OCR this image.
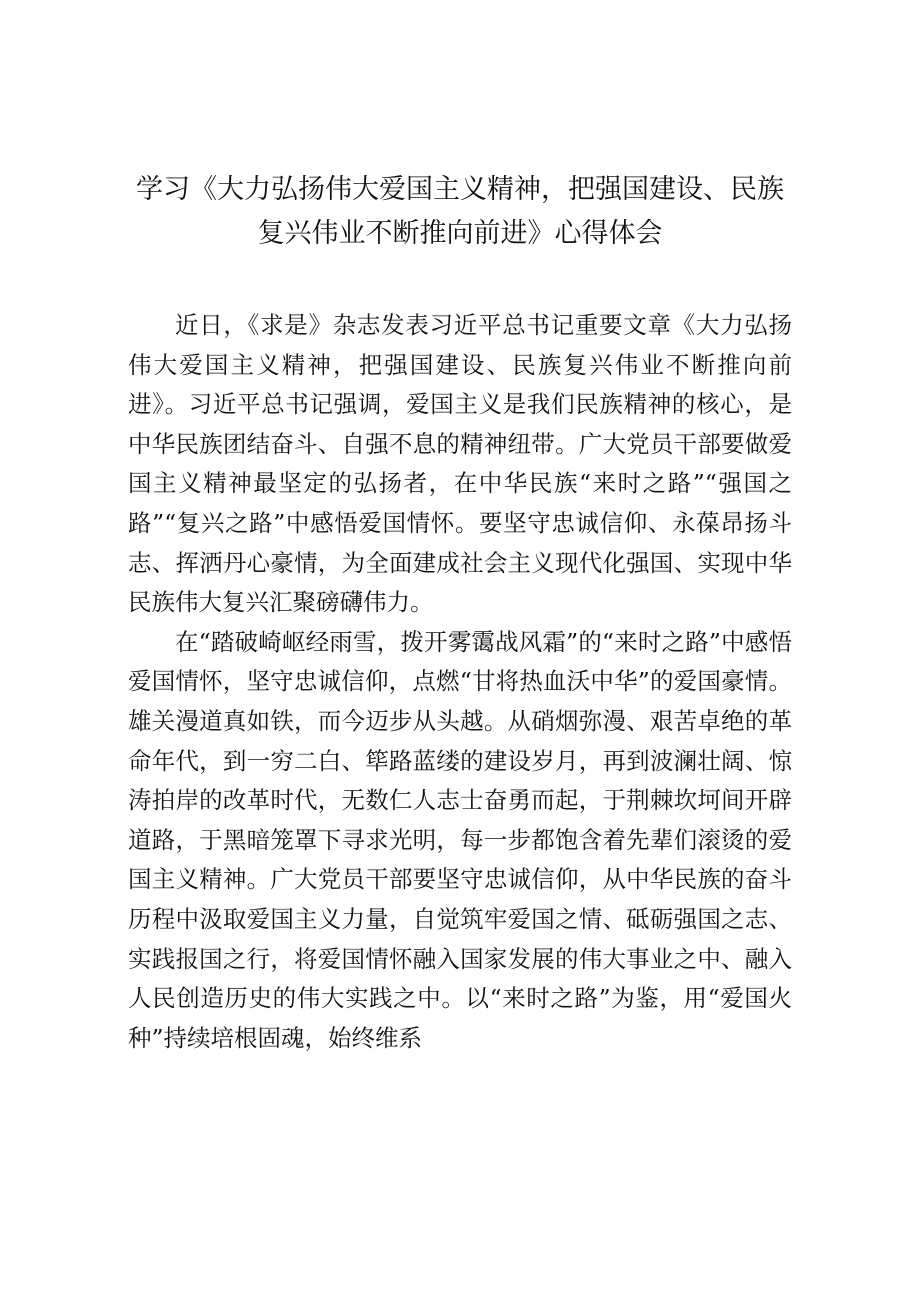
学习《大力弘扬伟大爱国主义精神，把强国建设、民族
复兴伟业不断推向前进》心得体会

近日，《求是》杂志发表习近平总书记重要文章《大力弘扬伟大爱国主义精神，把强国建设、民族复兴伟业不断推向前进》。习近平总书记强调，爱国主义是我们民族精神的核心，是中华民族团结奋斗、自强不息的精神纽带。广大党员干部要做爱国主义精神最坚定的弘扬者，在中华民族“来时之路”“强国之路”“复兴之路”中感悟爱国情怀。要坚守忠诚信仰、永葆昂扬斗志、挥洒丹心豪情，为全面建成社会主义现代化强国、实现中华民族伟大复兴汇聚磅礴伟力。

在“踏破崎岖经雨雪，拨开雾霭战风霜”的“来时之路”中感悟爱国情怀，坚守忠诚信仰，点燃“甘将热血沃中华”的爱国豪情。雄关漫道真如铁，而今迈步从头越。从硝烟弥漫、艰苦卓绝的革命年代，到一穷二白、筚路蓝缕的建设岁月，再到波澜壮阔、惊涛拍岸的改革时代，无数仁人志士奋勇而起，于荆棘坎坷间开辟道路，于黑暗笼罩下寻求光明，每一步都饱含着先辈们滚烫的爱国主义精神。广大党员干部要坚守忠诚信仰，从中华民族的奋斗历程中汲取爱国主义力量，自觉筑牢爱国之情、砥砺强国之志、实践报国之行，将爱国情怀融入国家发展的伟大事业之中、融入人民创造历史的伟大实践之中。以“来时之路”为鉴，用“爱国火种”持续培根固魂，始终维系
